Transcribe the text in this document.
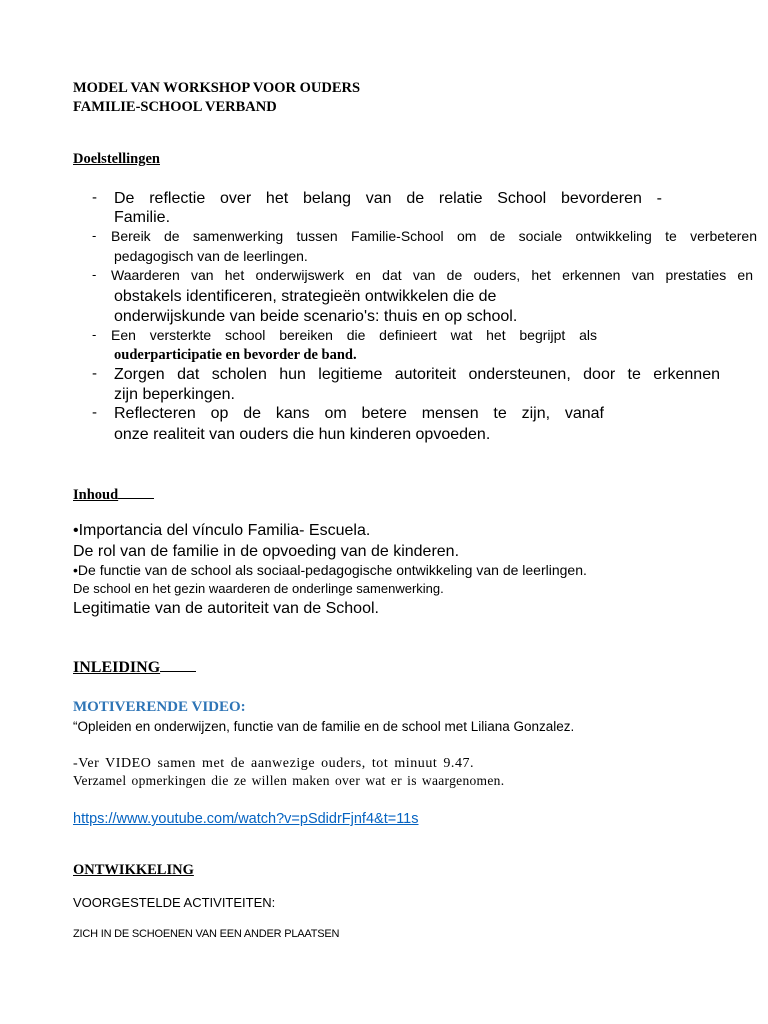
MODEL VAN WORKSHOP VOOR OUDERS

FAMILIE-SCHOOL VERBAND

Doelstellingen

- De reflectie over het belang van de relatie School bevorderen -

Familie.

- Bereik de samenwerking tussen Familie-School om de sociale ontwikkeling te verbeteren

pedagogisch van de leerlingen.

- Waarderen van het onderwijswerk en dat van de ouders, het erkennen van prestaties en

obstakels identificeren, strategieën ontwikkelen die de

onderwijskunde van beide scenario's: thuis en op school.

- Een versterkte school bereiken die definieert wat het begrijpt als

ouderparticipatie en bevorder de band.

- Zorgen dat scholen hun legitieme autoriteit ondersteunen, door te erkennen

zijn beperkingen.

- Reflecteren op de kans om betere mensen te zijn, vanaf

onze realiteit van ouders die hun kinderen opvoeden.

Inhoud

•Importancia del vínculo Familia- Escuela.

De rol van de familie in de opvoeding van de kinderen.

•De functie van de school als sociaal-pedagogische ontwikkeling van de leerlingen.

De school en het gezin waarderen de onderlinge samenwerking.

Legitimatie van de autoriteit van de School.

INLEIDING

MOTIVERENDE VIDEO:

“Opleiden en onderwijzen, functie van de familie en de school met Liliana Gonzalez.

-Ver VIDEO samen met de aanwezige ouders, tot minuut 9.47.

Verzamel opmerkingen die ze willen maken over wat er is waargenomen.

https://www.youtube.com/watch?v=pSdidrFjnf4&t=11s

ONTWIKKELING

VOORGESTELDE ACTIVITEITEN:

ZICH IN DE SCHOENEN VAN EEN ANDER PLAATSEN
